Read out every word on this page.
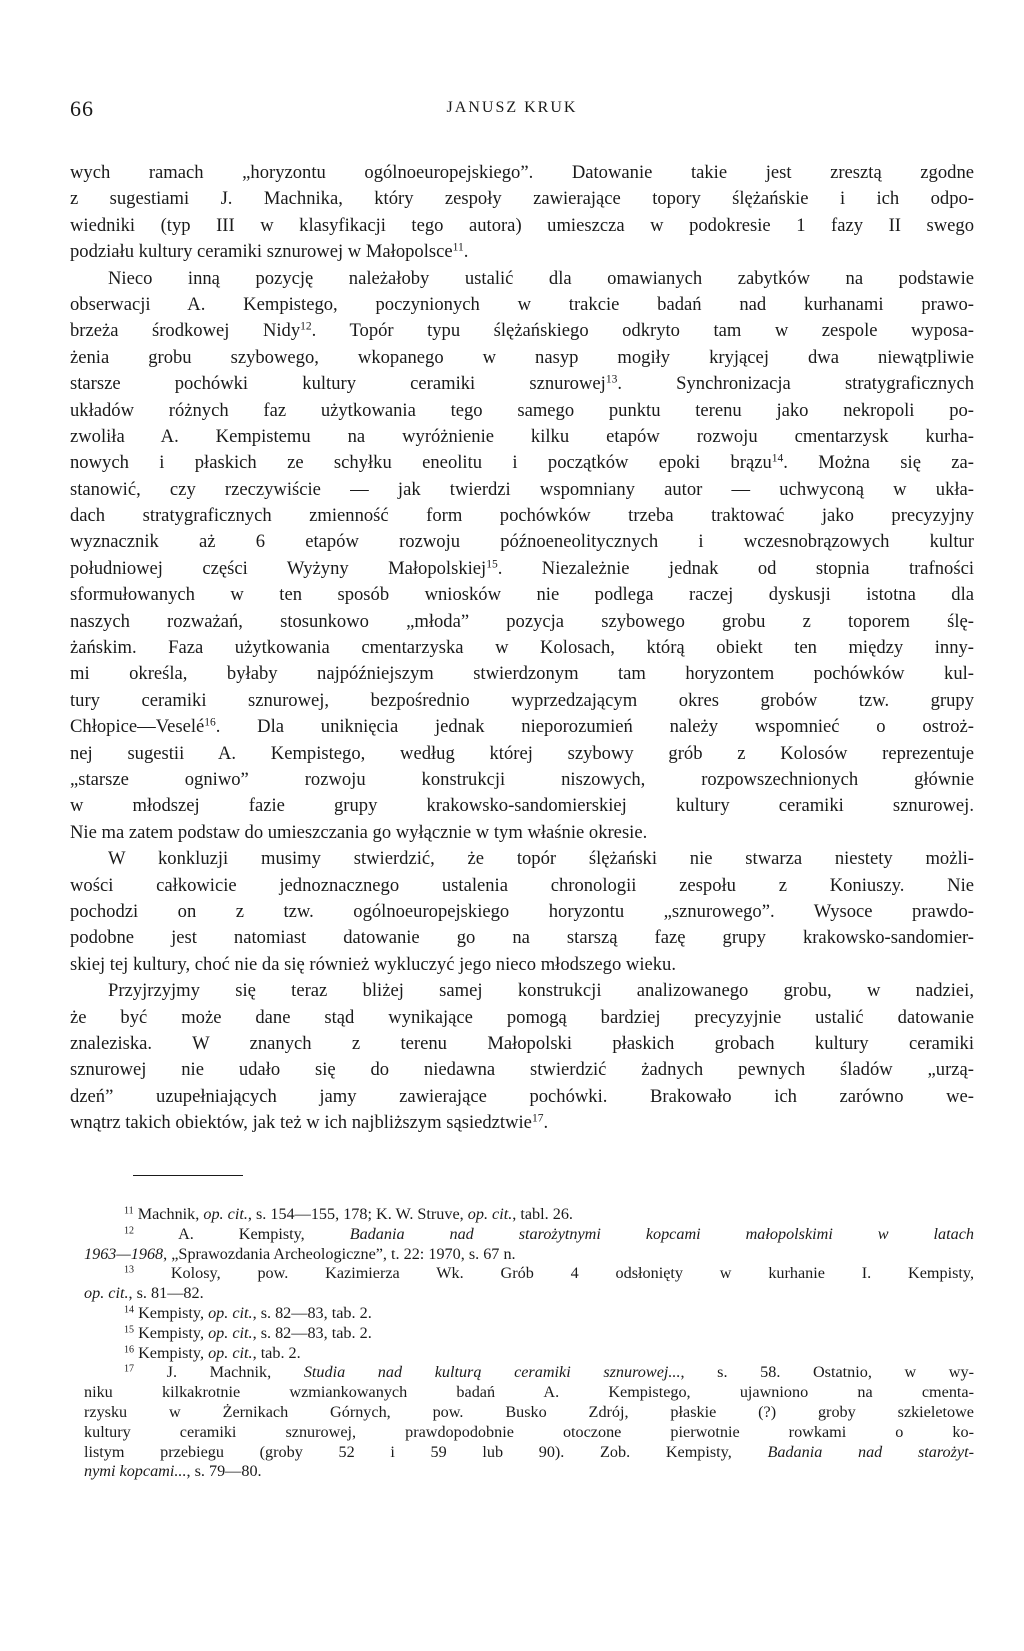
66	JANUSZ KRUK
wych ramach „horyzontu ogólnoeuropejskiego”. Datowanie takie jest zresztą zgodne
z sugestiami J. Machnika, który zespoły zawierające topory ślężańskie i ich odpo-
wiedniki (typ III w klasyfikacji tego autora) umieszcza w podokresie 1 fazy II swego
podziału kultury ceramiki sznurowej w Małopolsce$^{11}$.
Nieco inną pozycję należałoby ustalić dla omawianych zabytków na podstawie
obserwacji A. Kempistego, poczynionych w trakcie badań nad kurhanami prawo-
brzeża środkowej Nidy$^{12}$. Topór typu ślężańskiego odkryto tam w zespole wyposa-
żenia grobu szybowego, wkopanego w nasyp mogiły kryjącej dwa niewątpliwie
starsze pochówki kultury ceramiki sznurowej$^{13}$. Synchronizacja stratygraficznych
układów różnych faz użytkowania tego samego punktu terenu jako nekropoli po-
zwoliła A. Kempistemu na wyróżnienie kilku etapów rozwoju cmentarzysk kurha-
nowych i płaskich ze schyłku eneolitu i początków epoki brązu$^{14}$. Można się za-
stanowić, czy rzeczywiście — jak twierdzi wspomniany autor — uchwyconą w ukła-
dach stratygraficznych zmienność form pochówków trzeba traktować jako precyzyjny
wyznacznik aż 6 etapów rozwoju późnoeneolitycznych i wczesnobrązowych kultur
południowej części Wyżyny Małopolskiej$^{15}$. Niezależnie jednak od stopnia trafności
sformułowanych w ten sposób wniosków nie podlega raczej dyskusji istotna dla
naszych rozważań, stosunkowo „młoda” pozycja szybowego grobu z toporem ślę-
żańskim. Faza użytkowania cmentarzyska w Kolosach, którą obiekt ten między inny-
mi określa, byłaby najpóźniejszym stwierdzonym tam horyzontem pochówków kul-
tury ceramiki sznurowej, bezpośrednio wyprzedzającym okres grobów tzw. grupy
Chłopice—Veselé$^{16}$. Dla uniknięcia jednak nieporozumień należy wspomnieć o ostroż-
nej sugestii A. Kempistego, według której szybowy grób z Kolosów reprezentuje
„starsze ogniwo” rozwoju konstrukcji niszowych, rozpowszechnionych głównie
w młodszej fazie grupy krakowsko-sandomierskiej kultury ceramiki sznurowej.
Nie ma zatem podstaw do umieszczania go wyłącznie w tym właśnie okresie.
W konkluzji musimy stwierdzić, że topór ślężański nie stwarza niestety możli-
wości całkowicie jednoznacznego ustalenia chronologii zespołu z Koniuszy. Nie
pochodzi on z tzw. ogólnoeuropejskiego horyzontu „sznurowego”. Wysoce prawdo-
podobne jest natomiast datowanie go na starszą fazę grupy krakowsko-sandomier-
skiej tej kultury, choć nie da się również wykluczyć jego nieco młodszego wieku.
Przyjrzyjmy się teraz bliżej samej konstrukcji analizowanego grobu, w nadziei,
że być może dane stąd wynikające pomogą bardziej precyzyjnie ustalić datowanie
znaleziska. W znanych z terenu Małopolski płaskich grobach kultury ceramiki
sznurowej nie udało się do niedawna stwierdzić żadnych pewnych śladów „urzą-
dzeń” uzupełniających jamy zawierające pochówki. Brakowało ich zarówno we-
wnątrz takich obiektów, jak też w ich najbliższym sąsiedztwie$^{17}$.
$^{11}$ Machnik, op. cit., s. 154—155, 178; K. W. Struve, op. cit., tabl. 26.
$^{12}$ A. Kempisty, Badania nad starożytnymi kopcami małopolskimi w latach
1963—1968, „Sprawozdania Archeologiczne”, t. 22: 1970, s. 67 n.
$^{13}$ Kolosy, pow. Kazimierza Wk. Grób 4 odsłonięty w kurhanie I. Kempisty,
op. cit., s. 81—82.
$^{14}$ Kempisty, op. cit., s. 82—83, tab. 2.
$^{15}$ Kempisty, op. cit., s. 82—83, tab. 2.
$^{16}$ Kempisty, op. cit., tab. 2.
$^{17}$ J. Machnik, Studia nad kulturą ceramiki sznurowej..., s. 58. Ostatnio, w wy-
niku kilkakrotnie wzmiankowanych badań A. Kempistego, ujawniono na cmenta-
rzysku w Żernikach Górnych, pow. Busko Zdrój, płaskie (?) groby szkieletowe
kultury ceramiki sznurowej, prawdopodobnie otoczone pierwotnie rowkami o ko-
listym przebiegu (groby 52 i 59 lub 90). Zob. Kempisty, Badania nad starożyt-
nymi kopcami..., s. 79—80.
